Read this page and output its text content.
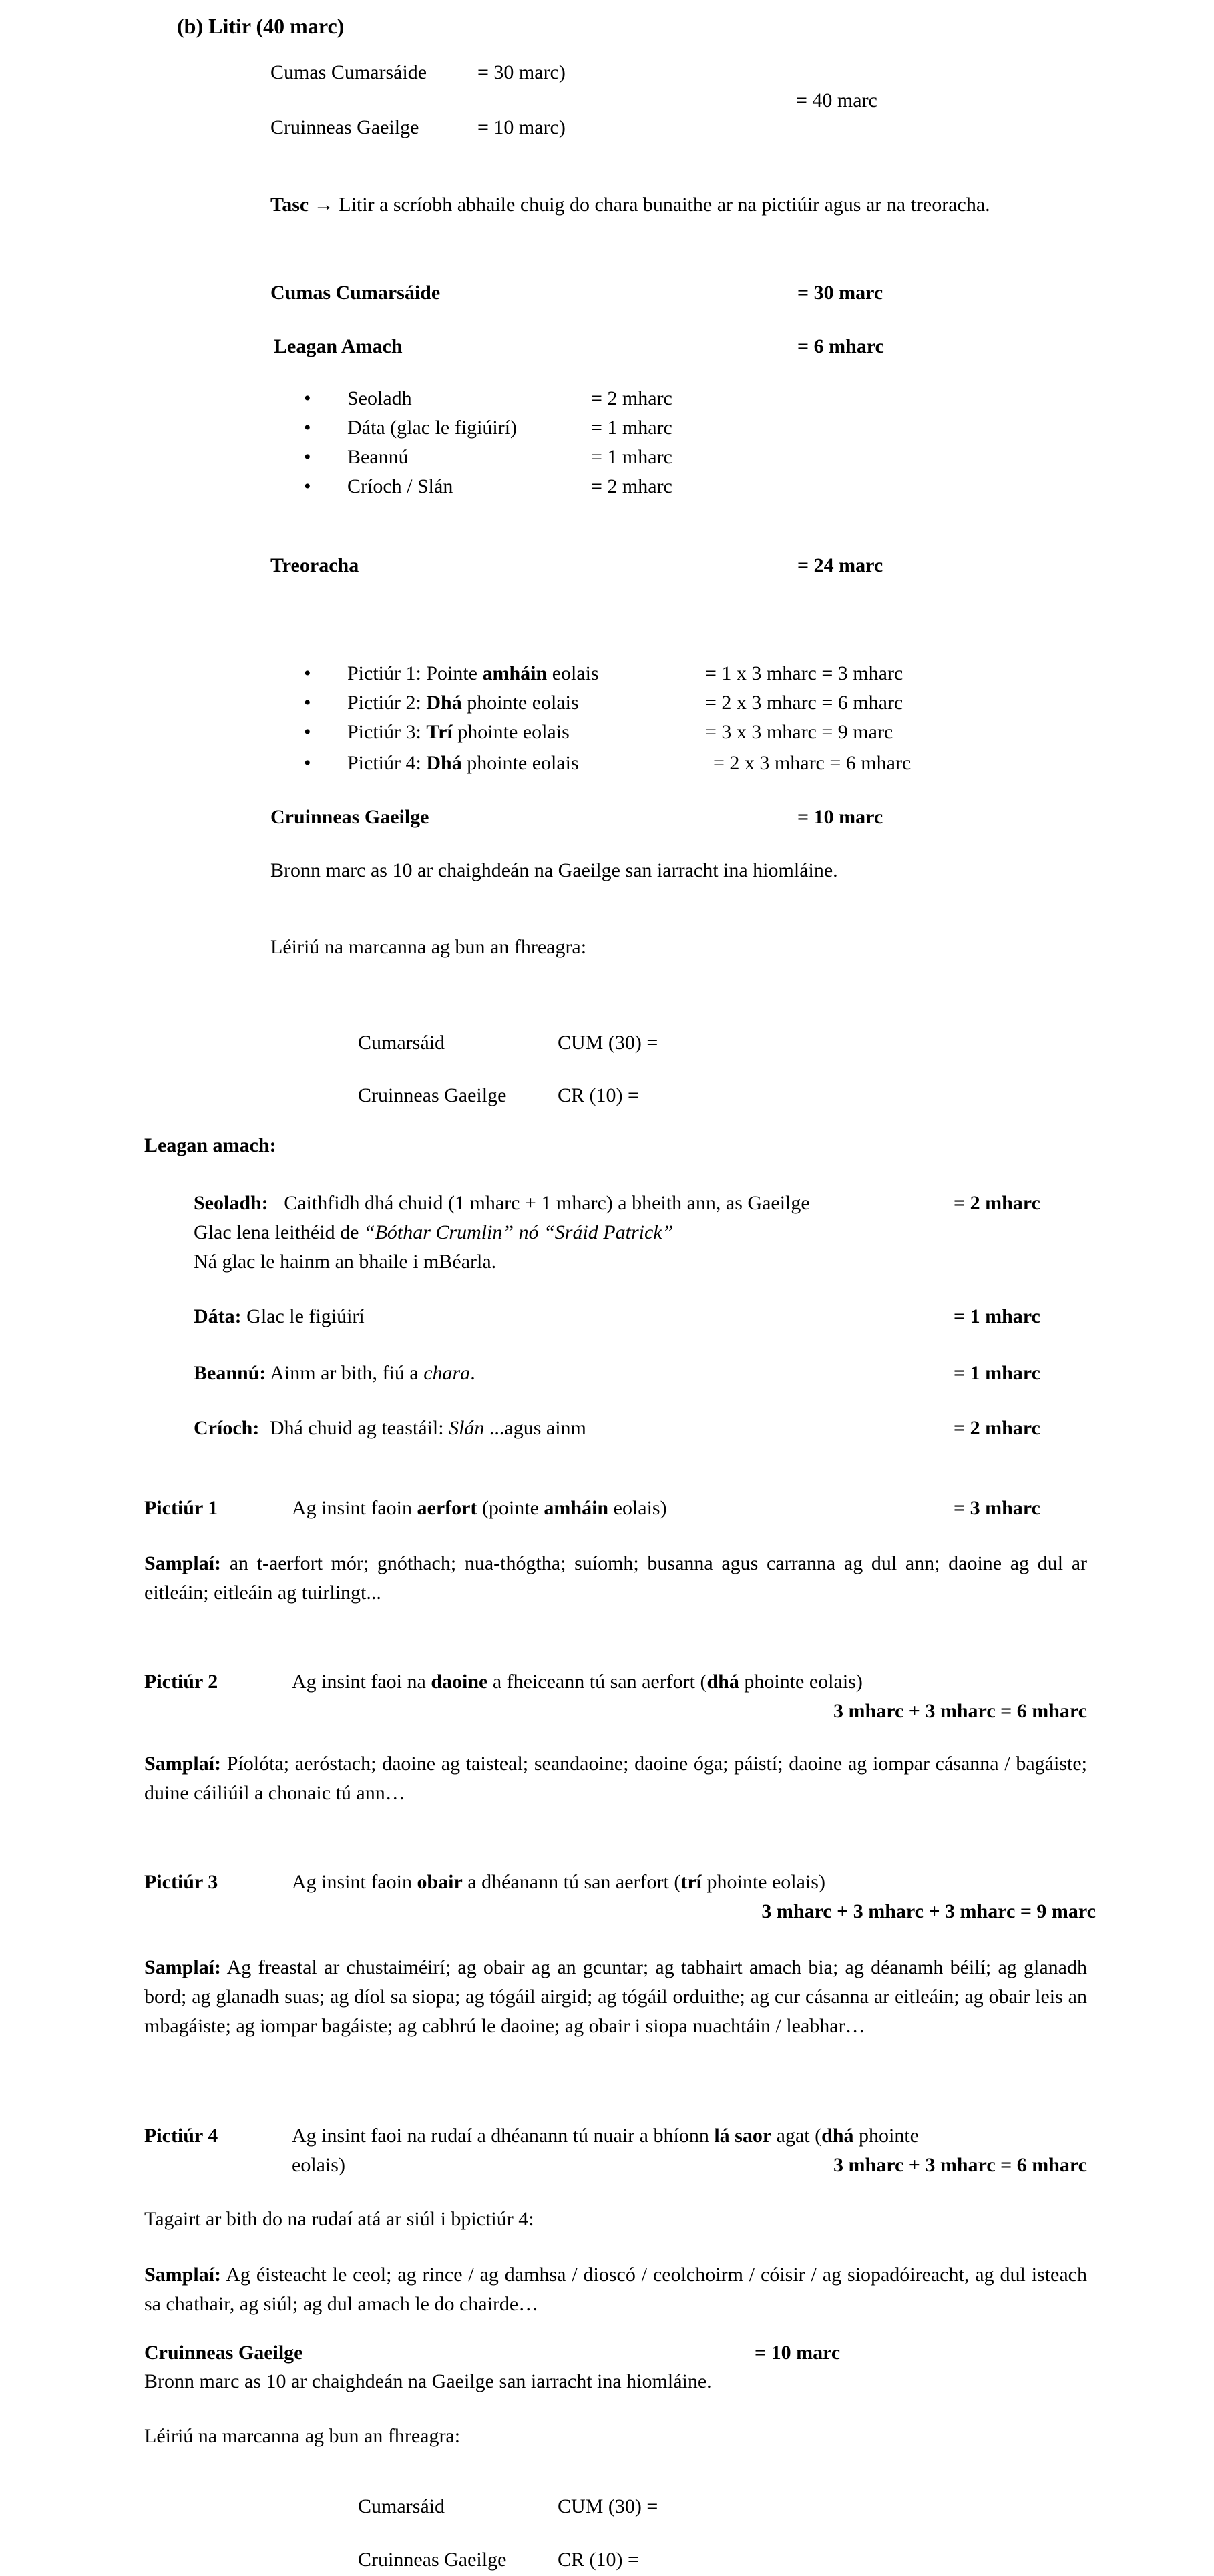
(b) Litir (40 marc)
Cumas Cumarsáide	= 30 marc)
= 40 marc
Cruinneas Gaeilge	= 10 marc)
Tasc → Litir a scríobh abhaile chuig do chara bunaithe ar na pictiúir agus ar na treoracha.
Cumas Cumarsáide	= 30 marc
Leagan Amach	= 6 mharc
• Seoladh	= 2 mharc
• Dáta (glac le figiúirí)	= 1 mharc
• Beannú	= 1 mharc
• Críoch / Slán	= 2 mharc
Treoracha	= 24 marc
• Pictiúr 1: Pointe amháin eolais	= 1 x 3 mharc = 3 mharc
• Pictiúr 2: Dhá phointe eolais	= 2 x 3 mharc = 6 mharc
• Pictiúr 3: Trí phointe eolais	= 3 x 3 mharc = 9 marc
• Pictiúr 4: Dhá phointe eolais	= 2 x 3 mharc = 6 mharc
Cruinneas Gaeilge	= 10 marc
Bronn marc as 10 ar chaighdeán na Gaeilge san iarracht ina hiomláine.
Léiriú na marcanna ag bun an fhreagra:
Cumarsáid	CUM (30) =
Cruinneas Gaeilge	CR (10) =
Leagan amach:
Seoladh: Caithfidh dhá chuid (1 mharc + 1 mharc) a bheith ann, as Gaeilge	= 2 mharc
Glac lena leithéid de “Bóthar Crumlin” nó “Sráid Patrick”
Ná glac le hainm an bhaile i mBéarla.
Dáta: Glac le figiúirí	= 1 mharc
Beannú: Ainm ar bith, fiú a chara.	= 1 mharc
Críoch: Dhá chuid ag teastáil: Slán ...agus ainm	= 2 mharc
Pictiúr 1	Ag insint faoin aerfort (pointe amháin eolais)	= 3 mharc
Samplaí: an t-aerfort mór; gnóthach; nua-thógtha; suíomh; busanna agus carranna ag dul ann; daoine ag dul ar eitleáin; eitleáin ag tuirlingt...
Pictiúr 2	Ag insint faoi na daoine a fheiceann tú san aerfort (dhá phointe eolais)
3 mharc + 3 mharc = 6 mharc
Samplaí: Píolóta; aeróstach; daoine ag taisteal; seandaoine; daoine óga; páistí; daoine ag iompar cásanna / bagáiste; duine cáiliúil a chonaic tú ann…
Pictiúr 3	Ag insint faoin obair a dhéanann tú san aerfort (trí phointe eolais)
3 mharc + 3 mharc + 3 mharc = 9 marc
Samplaí: Ag freastal ar chustaiméirí; ag obair ag an gcuntar; ag tabhairt amach bia; ag déanamh béilí; ag glanadh bord; ag glanadh suas; ag díol sa siopa; ag tógáil airgid; ag tógáil orduithe; ag cur cásanna ar eitleáin; ag obair leis an mbagáiste; ag iompar bagáiste; ag cabhrú le daoine; ag obair i siopa nuachtáin / leabhar…
Pictiúr 4	Ag insint faoi na rudaí a dhéanann tú nuair a bhíonn lá saor agat (dhá phointe
eolais)	3 mharc + 3 mharc = 6 mharc
Tagairt ar bith do na rudaí atá ar siúl i bpictiúr 4:
Samplaí: Ag éisteacht le ceol; ag rince / ag damhsa / dioscó / ceolchoirm / cóisir / ag siopadóireacht, ag dul isteach sa chathair, ag siúl; ag dul amach le do chairde…
Cruinneas Gaeilge	= 10 marc
Bronn marc as 10 ar chaighdeán na Gaeilge san iarracht ina hiomláine.
Léiriú na marcanna ag bun an fhreagra:
Cumarsáid	CUM (30) =
Cruinneas Gaeilge	CR (10) =
